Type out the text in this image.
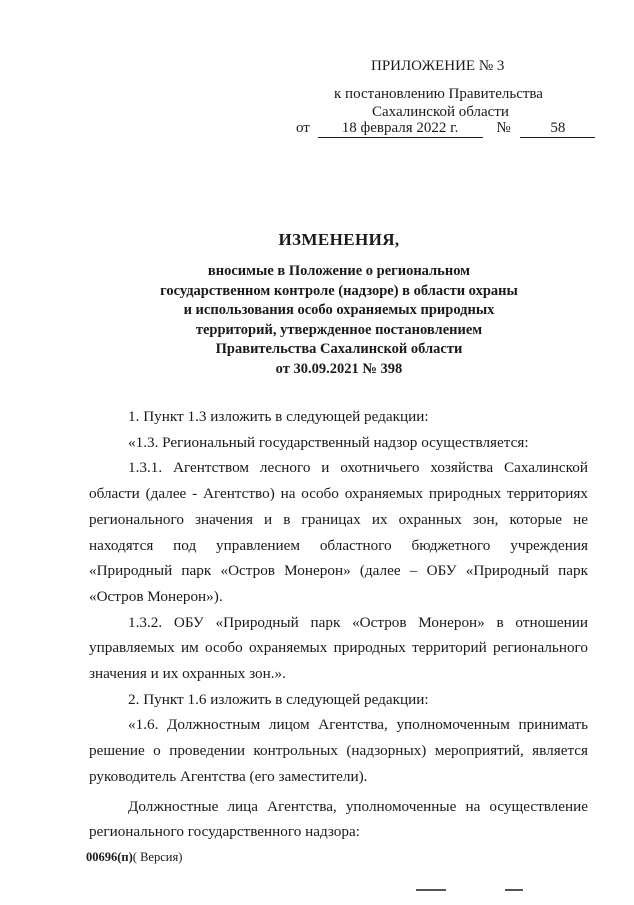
ПРИЛОЖЕНИЕ № 3
к постановлению Правительства
Сахалинской области
от 18 февраля 2022 г.	№	58
ИЗМЕНЕНИЯ,
вносимые в Положение о региональном
государственном контроле (надзоре) в области охраны
и использования особо охраняемых природных
территорий, утвержденное постановлением
Правительства Сахалинской области
от 30.09.2021 № 398

1. Пункт 1.3 изложить в следующей редакции:

«1.3. Региональный государственный надзор осуществляется:

1.3.1. Агентством лесного и охотничьего хозяйства Сахалинской области (далее - Агентство) на особо охраняемых природных территориях регионального значения и в границах их охранных зон, которые не находятся под управлением областного бюджетного учреждения «Природный парк «Остров Монерон» (далее – ОБУ «Природный парк «Остров Монерон»).

1.3.2. ОБУ «Природный парк «Остров Монерон» в отношении управляемых им особо охраняемых природных территорий регионального значения и их охранных зон.».

2. Пункт 1.6 изложить в следующей редакции:

«1.6. Должностным лицом Агентства, уполномоченным принимать решение о проведении контрольных (надзорных) мероприятий, является руководитель Агентства (его заместители).

Должностные лица Агентства, уполномоченные на осуществление регионального государственного надзора:

00696(п)( Версия)
